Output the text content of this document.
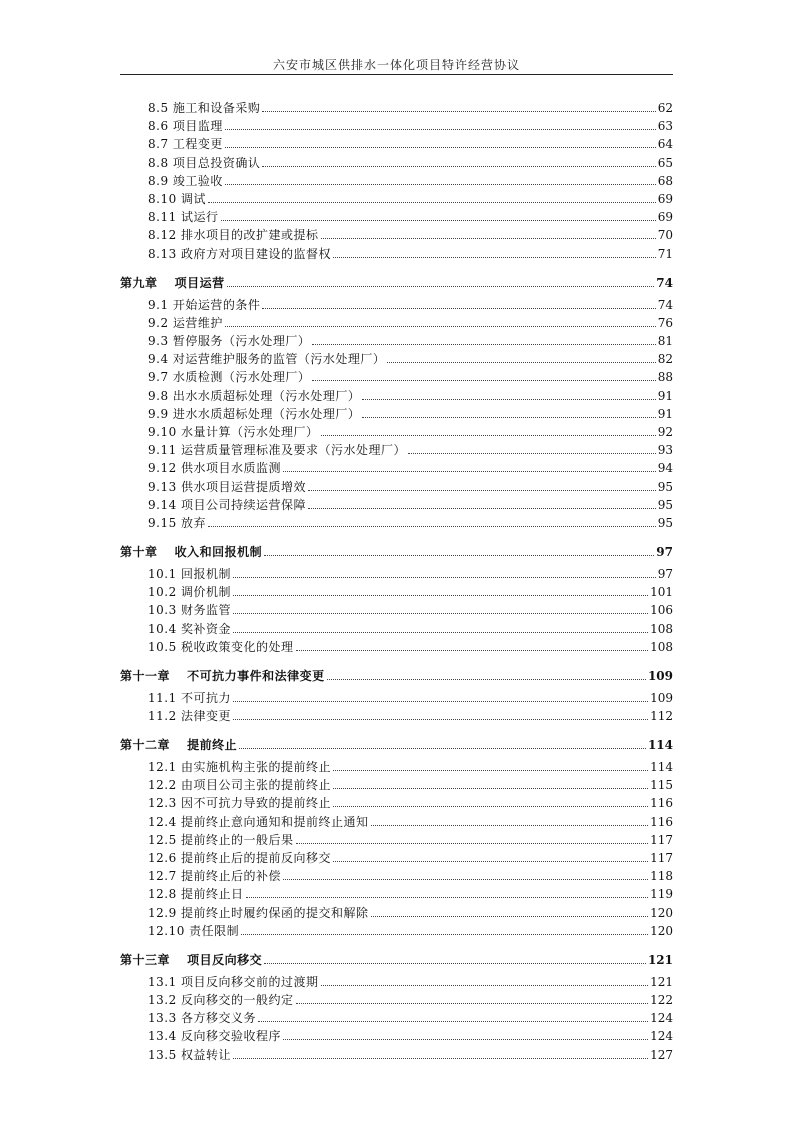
六安市城区供排水一体化项目特许经营协议
8.5 施工和设备采购	62
8.6 项目监理	63
8.7 工程变更	64
8.8 项目总投资确认	65
8.9 竣工验收	68
8.10 调试	69
8.11 试运行	69
8.12 排水项目的改扩建或提标	70
8.13 政府方对项目建设的监督权	71
第九章　 项目运营	74
9.1 开始运营的条件	74
9.2 运营维护	76
9.3 暂停服务（污水处理厂）	81
9.4 对运营维护服务的监管（污水处理厂）	82
9.7 水质检测（污水处理厂）	88
9.8 出水水质超标处理（污水处理厂）	91
9.9 进水水质超标处理（污水处理厂）	91
9.10 水量计算（污水处理厂）	92
9.11 运营质量管理标准及要求（污水处理厂）	93
9.12 供水项目水质监测	94
9.13 供水项目运营提质增效	95
9.14 项目公司持续运营保障	95
9.15 放弃	95
第十章　 收入和回报机制	97
10.1 回报机制	97
10.2 调价机制	101
10.3 财务监管	106
10.4 奖补资金	108
10.5 税收政策变化的处理	108
第十一章　 不可抗力事件和法律变更	109
11.1 不可抗力	109
11.2 法律变更	112
第十二章　 提前终止	114
12.1 由实施机构主张的提前终止	114
12.2 由项目公司主张的提前终止	115
12.3 因不可抗力导致的提前终止	116
12.4 提前终止意向通知和提前终止通知	116
12.5 提前终止的一般后果	117
12.6 提前终止后的提前反向移交	117
12.7 提前终止后的补偿	118
12.8 提前终止日	119
12.9 提前终止时履约保函的提交和解除	120
12.10 责任限制	120
第十三章　 项目反向移交	121
13.1 项目反向移交前的过渡期	121
13.2 反向移交的一般约定	122
13.3 各方移交义务	124
13.4 反向移交验收程序	124
13.5 权益转让	127
